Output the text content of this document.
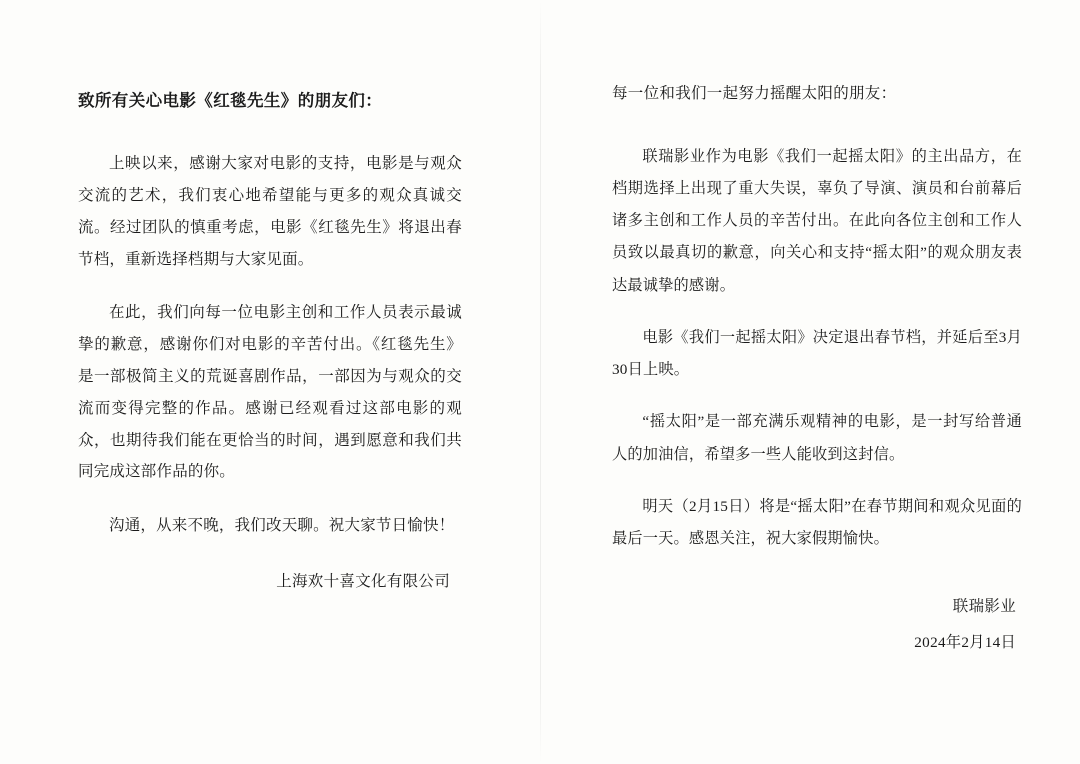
致所有关心电影《红毯先生》的朋友们：

上映以来，感谢大家对电影的支持，电影是与观众交流的艺术，我们衷心地希望能与更多的观众真诚交流。经过团队的慎重考虑，电影《红毯先生》将退出春节档，重新选择档期与大家见面。

在此，我们向每一位电影主创和工作人员表示最诚挚的歉意，感谢你们对电影的辛苦付出。《红毯先生》是一部极简主义的荒诞喜剧作品，一部因为与观众的交流而变得完整的作品。感谢已经观看过这部电影的观众，也期待我们能在更恰当的时间，遇到愿意和我们共同完成这部作品的你。

沟通，从来不晚，我们改天聊。祝大家节日愉快！

上海欢十喜文化有限公司
每一位和我们一起努力摇醒太阳的朋友：

联瑞影业作为电影《我们一起摇太阳》的主出品方，在档期选择上出现了重大失误，辜负了导演、演员和台前幕后诸多主创和工作人员的辛苦付出。在此向各位主创和工作人员致以最真切的歉意，向关心和支持“摇太阳”的观众朋友表达最诚挚的感谢。

电影《我们一起摇太阳》决定退出春节档，并延后至3月30日上映。

“摇太阳”是一部充满乐观精神的电影，是一封写给普通人的加油信，希望多一些人能收到这封信。

明天（2月15日）将是“摇太阳”在春节期间和观众见面的最后一天。感恩关注，祝大家假期愉快。

联瑞影业
2024年2月14日
